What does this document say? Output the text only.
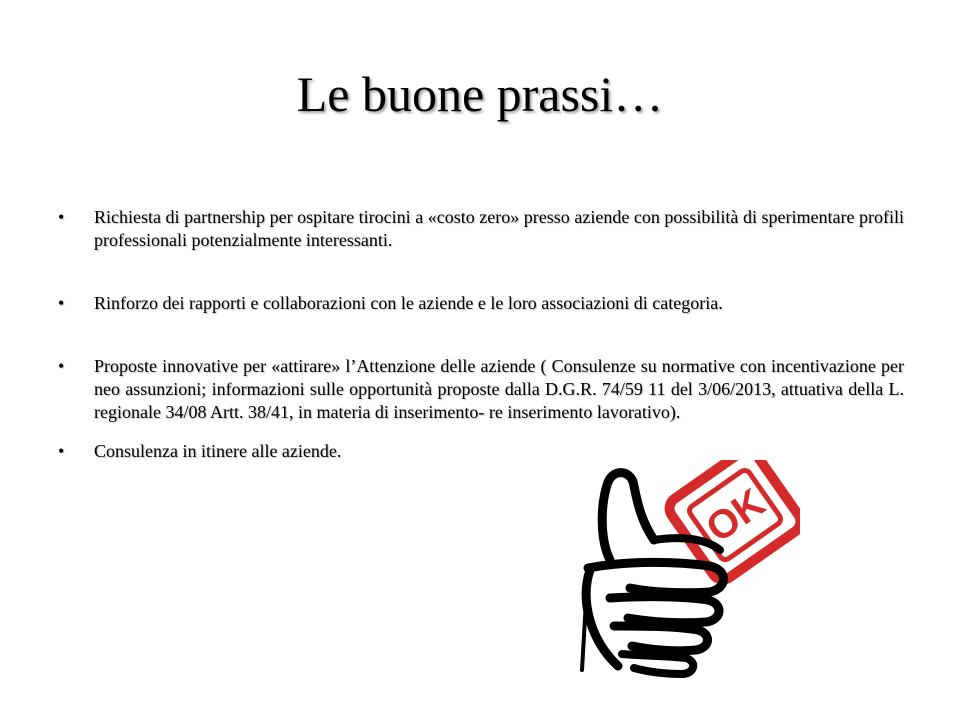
Le buone prassi…
• Richiesta di partnership per ospitare tirocini a «costo zero» presso aziende con possibilità di sperimentare profili professionali potenzialmente interessanti.
• Rinforzo dei rapporti e collaborazioni con le aziende e le loro associazioni di categoria.
• Proposte innovative per «attirare» l’Attenzione delle aziende ( Consulenze su normative con incentivazione per neo assunzioni; informazioni sulle opportunità proposte dalla D.G.R. 74/59 11 del 3/06/2013, attuativa della L. regionale 34/08 Artt. 38/41, in materia di inserimento- re inserimento lavorativo).
• Consulenza in itinere alle aziende.
OK
